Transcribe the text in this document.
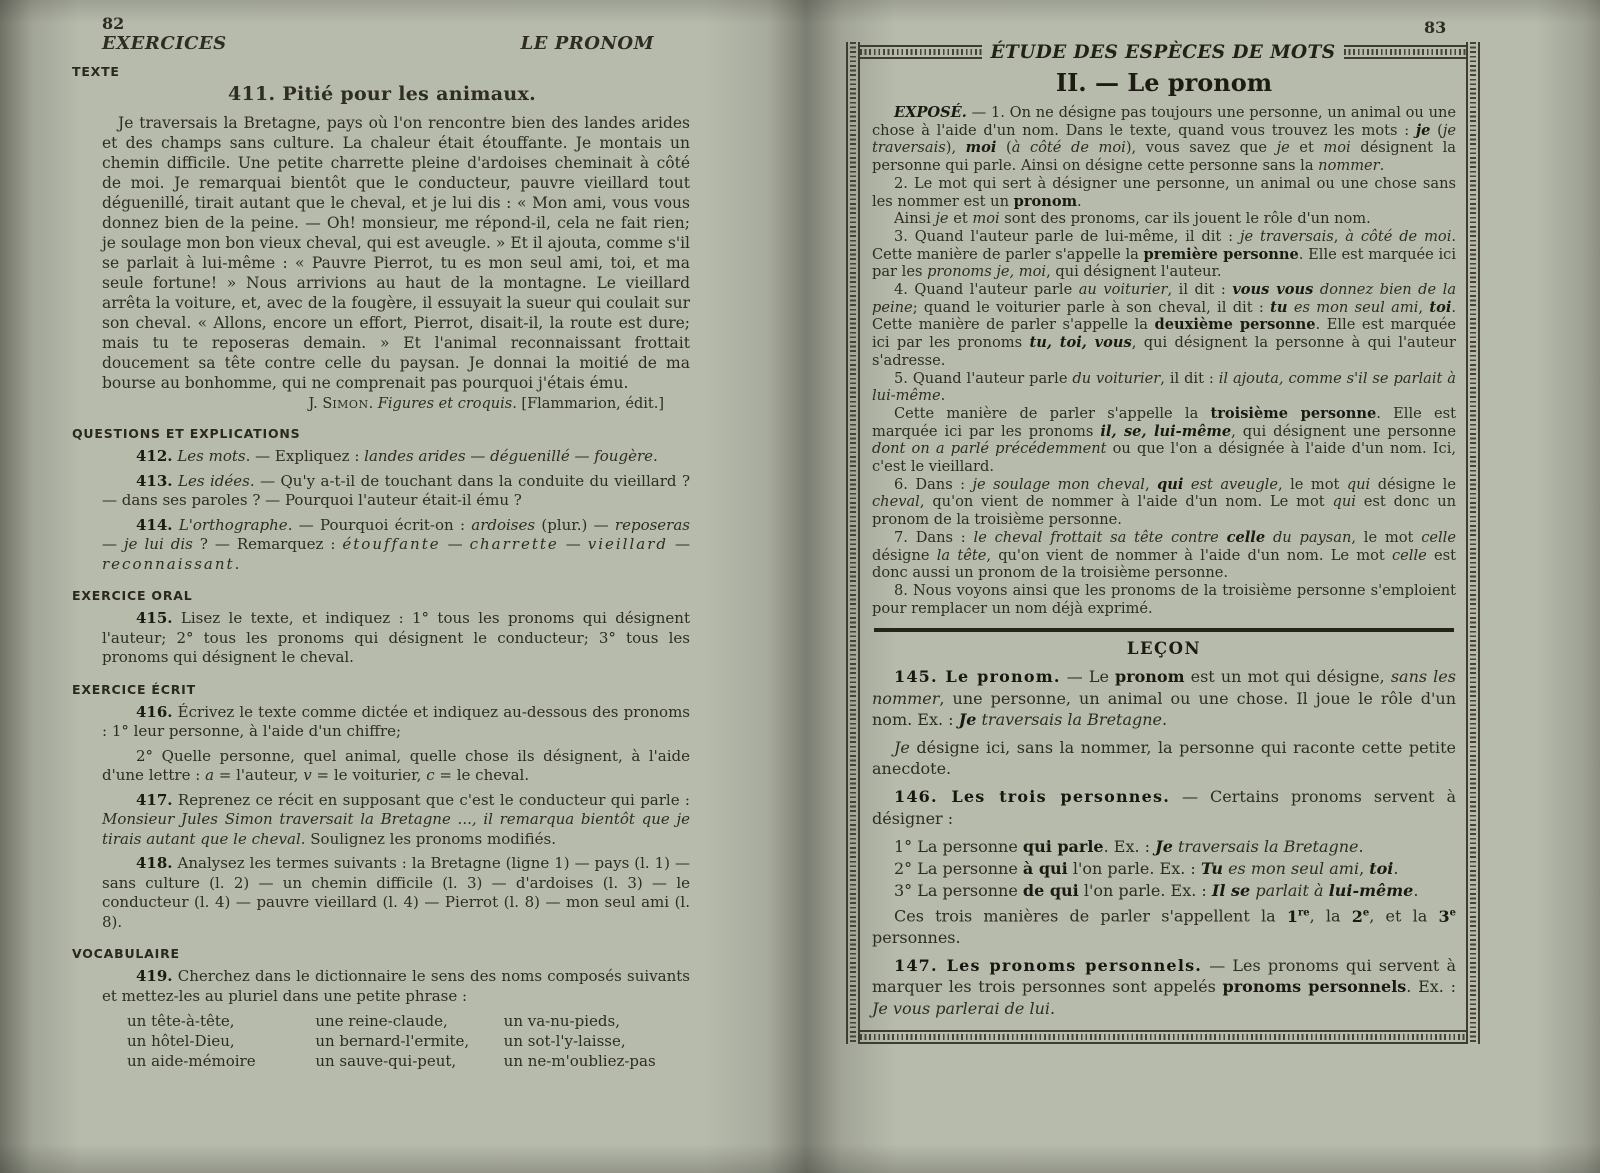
82
EXERCICES	LE PRONOM
TEXTE
411. Pitié pour les animaux.

Je traversais la Bretagne, pays où l'on rencontre bien des landes arides et des champs sans culture. La chaleur était étouffante. Je montais un chemin difficile. Une petite charrette pleine d'ardoises cheminait à côté de moi. Je remarquai bientôt que le conducteur, pauvre vieillard tout déguenillé, tirait autant que le cheval, et je lui dis : « Mon ami, vous vous donnez bien de la peine. — Oh! monsieur, me répond-il, cela ne fait rien; je soulage mon bon vieux cheval, qui est aveugle. » Et il ajouta, comme s'il se parlait à lui-même : « Pauvre Pierrot, tu es mon seul ami, toi, et ma seule fortune! » Nous arrivions au haut de la montagne. Le vieillard arrêta la voiture, et, avec de la fougère, il essuyait la sueur qui coulait sur son cheval. « Allons, encore un effort, Pierrot, disait-il, la route est dure; mais tu te reposeras demain. » Et l'animal reconnaissant frottait doucement sa tête contre celle du paysan. Je donnai la moitié de ma bourse au bonhomme, qui ne comprenait pas pourquoi j'étais ému.

J. SIMON. Figures et croquis. [Flammarion, édit.]

QUESTIONS ET EXPLICATIONS

412. Les mots. — Expliquez : landes arides — déguenillé — fougère.

413. Les idées. — Qu'y a-t-il de touchant dans la conduite du vieillard ? — dans ses paroles ? — Pourquoi l'auteur était-il ému ?

414. L'orthographe. — Pourquoi écrit-on : ardoises (plur.) — reposeras — je lui dis ? — Remarquez : étouffante — charrette — vieillard — reconnaissant.

EXERCICE ORAL

415. Lisez le texte, et indiquez : 1° tous les pronoms qui désignent l'auteur; 2° tous les pronoms qui désignent le conducteur; 3° tous les pronoms qui désignent le cheval.

EXERCICE ÉCRIT

416. Écrivez le texte comme dictée et indiquez au-dessous des pronoms : 1° leur personne, à l'aide d'un chiffre;

2° Quelle personne, quel animal, quelle chose ils désignent, à l'aide d'une lettre : a = l'auteur, v = le voiturier, c = le cheval.

417. Reprenez ce récit en supposant que c'est le conducteur qui parle : Monsieur Jules Simon traversait la Bretagne ..., il remarqua bientôt que je tirais autant que le cheval. Soulignez les pronoms modifiés.

418. Analysez les termes suivants : la Bretagne (ligne 1) — pays (l. 1) — sans culture (l. 2) — un chemin difficile (l. 3) — d'ardoises (l. 3) — le conducteur (l. 4) — pauvre vieillard (l. 4) — Pierrot (l. 8) — mon seul ami (l. 8).

VOCABULAIRE

419. Cherchez dans le dictionnaire le sens des noms composés suivants et mettez-les au pluriel dans une petite phrase :

un tête-à-tête,
un hôtel-Dieu,
un aide-mémoire
une reine-claude,
un bernard-l'ermite,
un sauve-qui-peut,
un va-nu-pieds,
un sot-l'y-laisse,
un ne-m'oubliez-pas
83
ÉTUDE DES ESPÈCES DE MOTS
II. — Le pronom

EXPOSÉ. — 1. On ne désigne pas toujours une personne, un animal ou une chose à l'aide d'un nom. Dans le texte, quand vous trouvez les mots : je (je traversais), moi (à côté de moi), vous savez que je et moi désignent la personne qui parle. Ainsi on désigne cette personne sans la nommer.

2. Le mot qui sert à désigner une personne, un animal ou une chose sans les nommer est un pronom.

Ainsi je et moi sont des pronoms, car ils jouent le rôle d'un nom.

3. Quand l'auteur parle de lui-même, il dit : je traversais, à côté de moi. Cette manière de parler s'appelle la première personne. Elle est marquée ici par les pronoms je, moi, qui désignent l'auteur.

4. Quand l'auteur parle au voiturier, il dit : vous vous donnez bien de la peine; quand le voiturier parle à son cheval, il dit : tu es mon seul ami, toi. Cette manière de parler s'appelle la deuxième personne. Elle est marquée ici par les pronoms tu, toi, vous, qui désignent la personne à qui l'auteur s'adresse.

5. Quand l'auteur parle du voiturier, il dit : il ajouta, comme s'il se parlait à lui-même.

Cette manière de parler s'appelle la troisième personne. Elle est marquée ici par les pronoms il, se, lui-même, qui désignent une personne dont on a parlé précédemment ou que l'on a désignée à l'aide d'un nom. Ici, c'est le vieillard.

6. Dans : je soulage mon cheval, qui est aveugle, le mot qui désigne le cheval, qu'on vient de nommer à l'aide d'un nom. Le mot qui est donc un pronom de la troisième personne.

7. Dans : le cheval frottait sa tête contre celle du paysan, le mot celle désigne la tête, qu'on vient de nommer à l'aide d'un nom. Le mot celle est donc aussi un pronom de la troisième personne.

8. Nous voyons ainsi que les pronoms de la troisième personne s'emploient pour remplacer un nom déjà exprimé.

LEÇON

145. Le pronom. — Le pronom est un mot qui désigne, sans les nommer, une personne, un animal ou une chose. Il joue le rôle d'un nom. Ex. : Je traversais la Bretagne.

Je désigne ici, sans la nommer, la personne qui raconte cette petite anecdote.

146. Les trois personnes. — Certains pronoms servent à désigner :

1° La personne qui parle. Ex. : Je traversais la Bretagne.

2° La personne à qui l'on parle. Ex. : Tu es mon seul ami, toi.

3° La personne de qui l'on parle. Ex. : Il se parlait à lui-même.

Ces trois manières de parler s'appellent la 1re, la 2e, et la 3e personnes.

147. Les pronoms personnels. — Les pronoms qui servent à marquer les trois personnes sont appelés pronoms personnels. Ex. : Je vous parlerai de lui.
